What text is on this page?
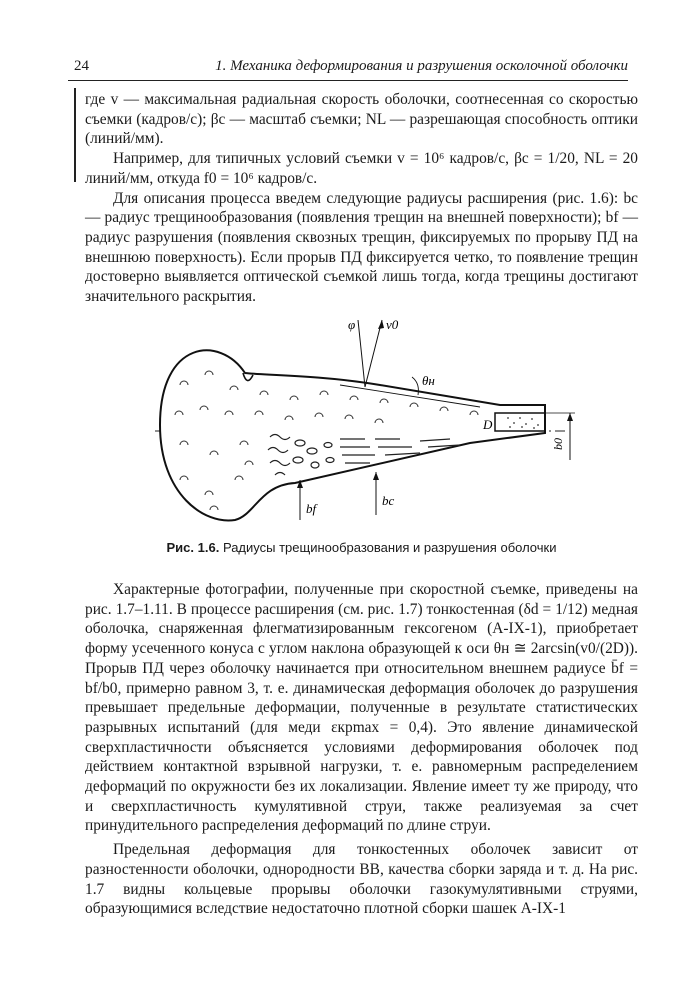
24	1. Механика деформирования и разрушения осколочной оболочки

где v — максимальная радиальная скорость оболочки, соотнесенная со скоростью съемки (кадров/с); βc — масштаб съемки; NL — разрешающая способность оптики (линий/мм).

Например, для типичных условий съемки v = 10⁶ кадров/с, βc = 1/20, NL = 20 линий/мм, откуда f0 = 10⁶ кадров/с.

Для описания процесса введем следующие радиусы расширения (рис. 1.6): bc — радиус трещинообразования (появления трещин на внешней поверхности); bf — радиус разрушения (появления сквозных трещин, фиксируемых по прорыву ПД на внешнюю поверхность). Если прорыв ПД фиксируется четко, то появление трещин достоверно выявляется оптической съемкой лишь тогда, когда трещины достигают значительного раскрытия.

D
φ v0
θн
b0
bf
bc
Рис. 1.6. Радиусы трещинообразования и разрушения оболочки

Характерные фотографии, полученные при скоростной съемке, приведены на рис. 1.7–1.11. В процессе расширения (см. рис. 1.7) тонкостенная (δd = 1/12) медная оболочка, снаряженная флегматизированным гексогеном (А-IX-1), приобретает форму усеченного конуса с углом наклона образующей к оси θн ≅ 2arcsin(v0/(2D)). Прорыв ПД через оболочку начинается при относительном внешнем радиусе b̄f = bf/b0, примерно равном 3, т. е. динамическая деформация оболочек до разрушения превышает предельные деформации, полученные в результате статистических разрывных испытаний (для меди εкрmax = 0,4). Это явление динамической сверхпластичности объясняется условиями деформирования оболочек под действием контактной взрывной нагрузки, т. е. равномерным распределением деформаций по окружности без их локализации. Явление имеет ту же природу, что и сверхпластичность кумулятивной струи, также реализуемая за счет принудительного распределения деформаций по длине струи.

Предельная деформация для тонкостенных оболочек зависит от разностенности оболочки, однородности ВВ, качества сборки заряда и т. д. На рис. 1.7 видны кольцевые прорывы оболочки газокумулятивными струями, образующимися вследствие недостаточно плотной сборки шашек А-IX-1
